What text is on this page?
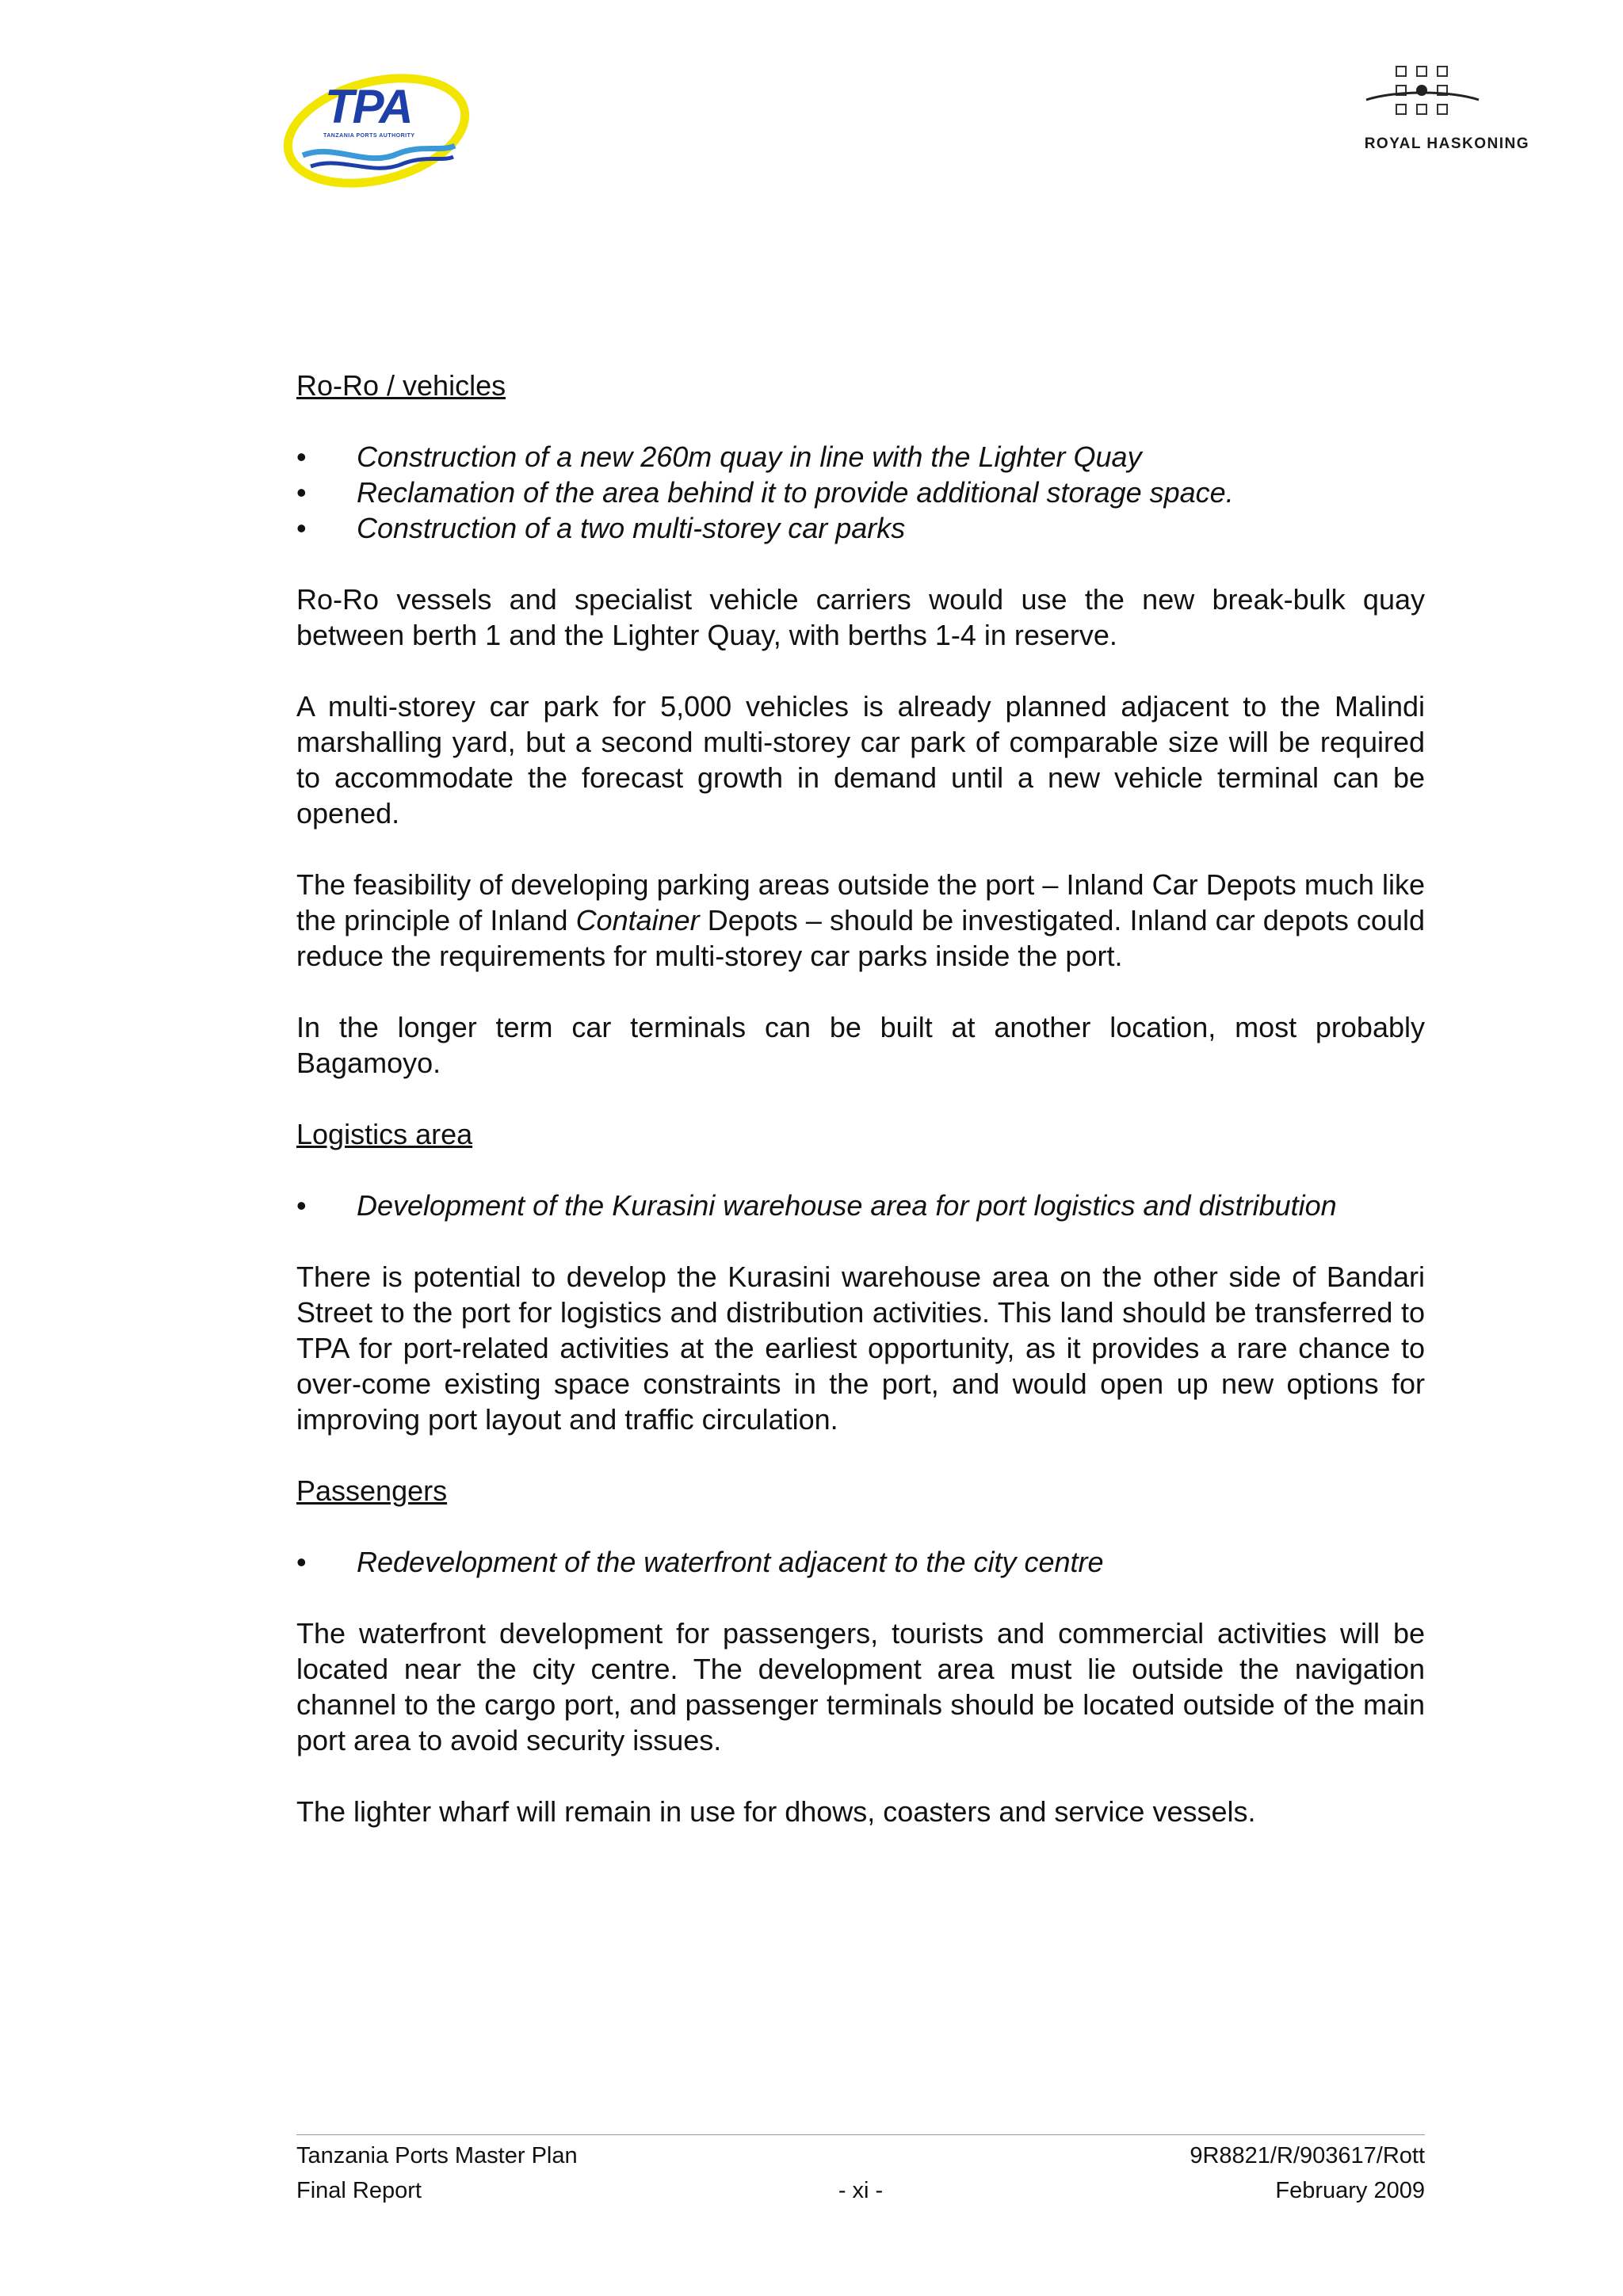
TPA
TANZANIA PORTS AUTHORITY	ROYAL HASKONING

Ro-Ro / vehicles

• Construction of a new 260m quay in line with the Lighter Quay
• Reclamation of the area behind it to provide additional storage space.
• Construction of a two multi-storey car parks

Ro-Ro vessels and specialist vehicle carriers would use the new break-bulk quay between berth 1 and the Lighter Quay, with berths 1-4 in reserve.

A multi-storey car park for 5,000 vehicles is already planned adjacent to the Malindi marshalling yard, but a second multi-storey car park of comparable size will be required to accommodate the forecast growth in demand until a new vehicle terminal can be opened.

The feasibility of developing parking areas outside the port – Inland Car Depots much like the principle of Inland Container Depots – should be investigated. Inland car depots could reduce the requirements for multi-storey car parks inside the port.

In the longer term car terminals can be built at another location, most probably Bagamoyo.

Logistics area

• Development of the Kurasini warehouse area for port logistics and distribution

There is potential to develop the Kurasini warehouse area on the other side of Bandari Street to the port for logistics and distribution activities. This land should be transferred to TPA for port-related activities at the earliest opportunity, as it provides a rare chance to over-come existing space constraints in the port, and would open up new options for improving port layout and traffic circulation.

Passengers

• Redevelopment of the waterfront adjacent to the city centre

The waterfront development for passengers, tourists and commercial activities will be located near the city centre. The development area must lie outside the navigation channel to the cargo port, and passenger terminals should be located outside of the main port area to avoid security issues.

The lighter wharf will remain in use for dhows, coasters and service vessels.

Tanzania Ports Master Plan	9R8821/R/903617/Rott
Final Report	- xi -	February 2009
